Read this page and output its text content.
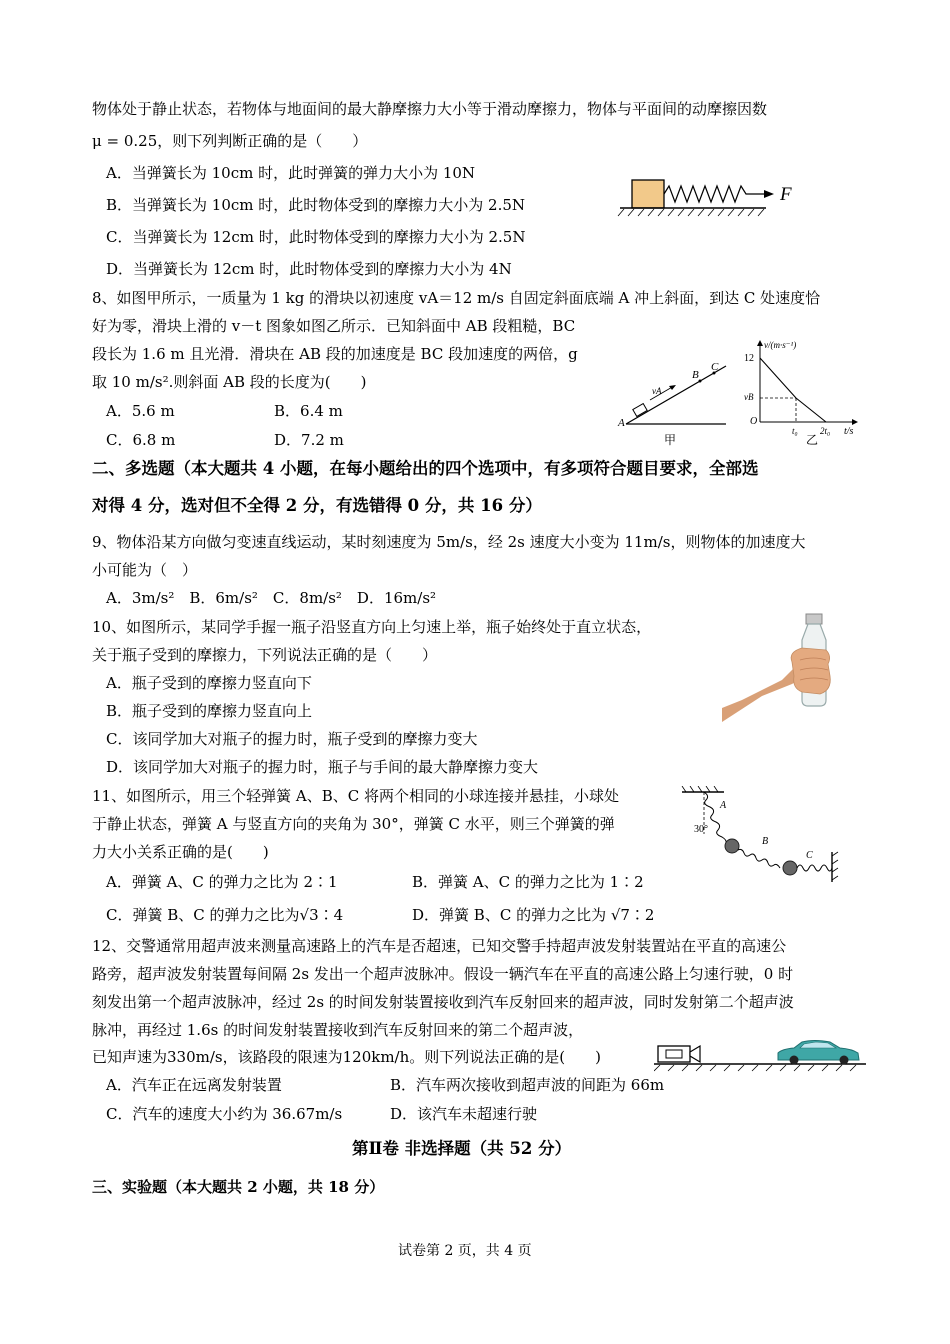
物体处于静止状态，若物体与地面间的最大静摩擦力大小等于滑动摩擦力，物体与平面间的动摩擦因数
μ = 0.25，则下列判断正确的是（　　）
A．当弹簧长为 10cm 时，此时弹簧的弹力大小为 10N
B．当弹簧长为 10cm 时，此时物体受到的摩擦力大小为 2.5N
C．当弹簧长为 12cm 时，此时物体受到的摩擦力大小为 2.5N
D．当弹簧长为 12cm 时，此时物体受到的摩擦力大小为 4N
F
8、如图甲所示，一质量为 1 kg 的滑块以初速度 vA＝12 m/s 自固定斜面底端 A 冲上斜面，到达 C 处速度恰
好为零，滑块上滑的 v－t 图象如图乙所示．已知斜面中 AB 段粗糙，BC
段长为 1.6 m 且光滑．滑块在 AB 段的加速度是 BC 段加速度的两倍，g
取 10 m/s².则斜面 AB 段的长度为(　　)
A．5.6 m	B．6.4 m
C．6.8 m	D．7.2 m
A
B
C
vA
甲
v/(m·s⁻¹)
12
vB
O
t₀ 2t₀ t/s
乙
二、多选题（本大题共 4 小题，在每小题给出的四个选项中，有多项符合题目要求，全部选
对得 4 分，选对但不全得 2 分，有选错得 0 分，共 16 分）
9、物体沿某方向做匀变速直线运动，某时刻速度为 5m/s，经 2s 速度大小变为 11m/s，则物体的加速度大
小可能为（　）
A．3m/s²　B．6m/s²　C．8m/s²　D．16m/s²
10、如图所示，某同学手握一瓶子沿竖直方向上匀速上举，瓶子始终处于直立状态，
关于瓶子受到的摩擦力，下列说法正确的是（　　）
A．瓶子受到的摩擦力竖直向下
B．瓶子受到的摩擦力竖直向上
C．该同学加大对瓶子的握力时，瓶子受到的摩擦力变大
D．该同学加大对瓶子的握力时，瓶子与手间的最大静摩擦力变大
11、如图所示，用三个轻弹簧 A、B、C 将两个相同的小球连接并悬挂，小球处
于静止状态，弹簧 A 与竖直方向的夹角为 30°，弹簧 C 水平，则三个弹簧的弹
力大小关系正确的是(　　)
A．弹簧 A、C 的弹力之比为 2∶1	B．弹簧 A、C 的弹力之比为 1∶2
C．弹簧 B、C 的弹力之比为√3∶4	D．弹簧 B、C 的弹力之比为 √7∶2
A
B
C
30°
12、交警通常用超声波来测量高速路上的汽车是否超速，已知交警手持超声波发射装置站在平直的高速公
路旁，超声波发射装置每间隔 2s 发出一个超声波脉冲。假设一辆汽车在平直的高速公路上匀速行驶，0 时
刻发出第一个超声波脉冲，经过 2s 的时间发射装置接收到汽车反射回来的超声波，同时发射第二个超声波
脉冲，再经过 1.6s 的时间发射装置接收到汽车反射回来的第二个超声波，
已知声速为330m/s，该路段的限速为120km/h。则下列说法正确的是(　　)
A．汽车正在远离发射装置	B．汽车两次接收到超声波的间距为 66m
C．汽车的速度大小约为 36.67m/s	D．该汽车未超速行驶
第Ⅱ卷 非选择题（共 52 分）
三、实验题（本大题共 2 小题，共 18 分）
试卷第 2 页，共 4 页
